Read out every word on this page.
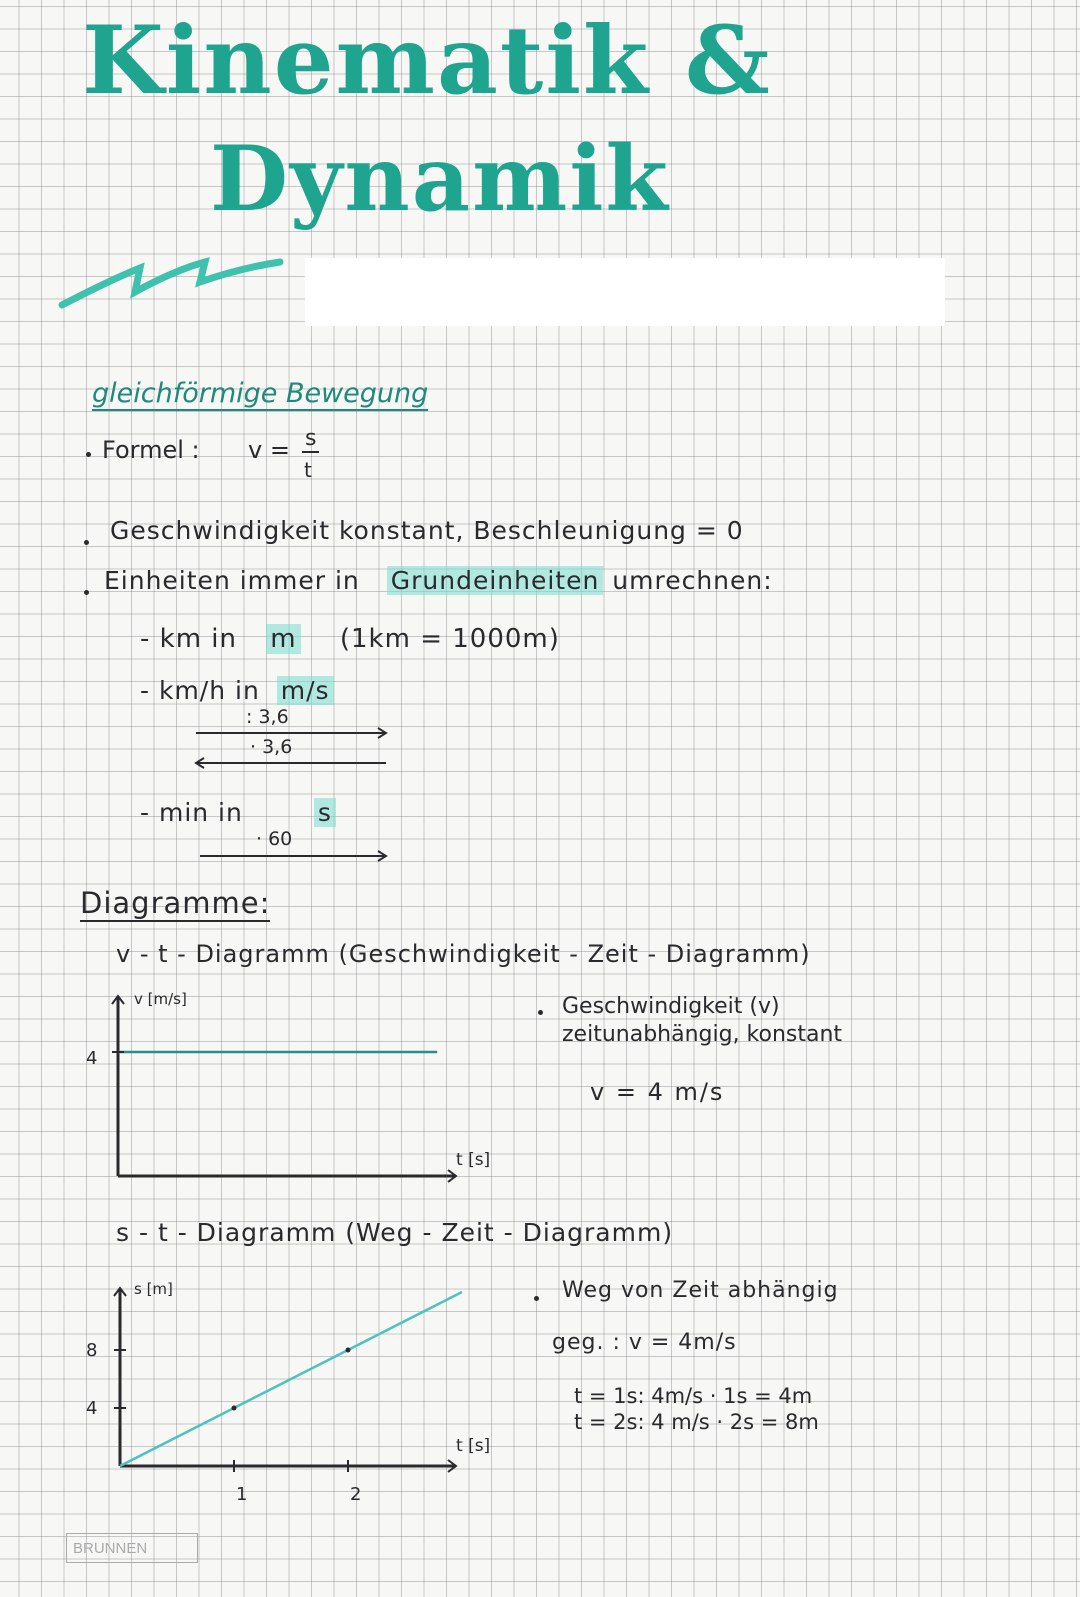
Kinematik &
Dynamik
gleichförmige Bewegung
Formel : v = s
t
Geschwindigkeit konstant, Beschleunigung = 0
Einheiten immer in Grundeinheiten umrechnen:
- km in m (1km = 1000m)
- km/h in m/s
: 3,6
· 3,6
- min in	s
· 60
Diagramme:
v - t - Diagramm (Geschwindigkeit - Zeit - Diagramm)
v [m/s]
t [s]
4
Geschwindigkeit (v)
zeitunabhängig, konstant
v = 4 m/s
s - t - Diagramm (Weg - Zeit - Diagramm)
s [m]
t [s]
8
4
1	2
Weg von Zeit abhängig
geg. : v = 4m/s
t = 1s: 4m/s · 1s = 4m
t = 2s: 4 m/s · 2s = 8m
BRUNNEN
